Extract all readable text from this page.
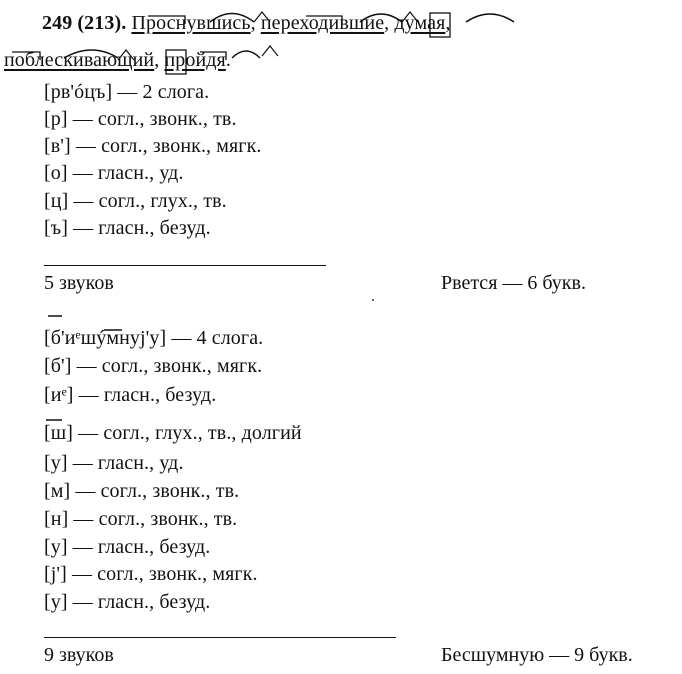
249 (213). Проснувшись, переходившие, думая,
поблескивающий, пройдя.
[рв'óцъ] — 2 слога.
[р] — согл., звонк., тв.
[в'] — согл., звонк., мягк.
[о] — гласн., уд.
[ц] — согл., глух., тв.
[ъ] — гласн., безуд.
5 звуков	Рвется — 6 букв.
[б'иᵉшýмнуj'у] — 4 слога.
[б'] — согл., звонк., мягк.
[иᵉ] — гласн., безуд.
[ш] — согл., глух., тв., долгий
[у] — гласн., уд.
[м] — согл., звонк., тв.
[н] — согл., звонк., тв.
[у] — гласн., безуд.
[j'] — согл., звонк., мягк.
[у] — гласн., безуд.
9 звуков	Бесшумную — 9 букв.
